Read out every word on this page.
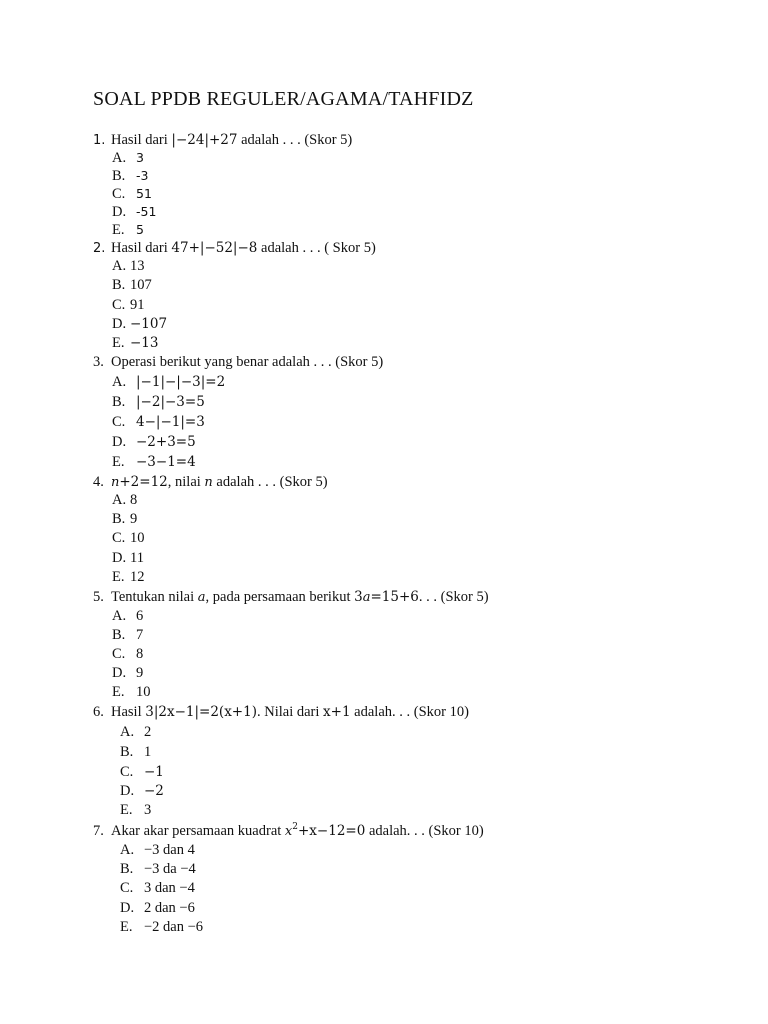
SOAL PPDB REGULER/AGAMA/TAHFIDZ
1. Hasil dari |−24|+27 adalah . . . (Skor 5)
A. 3
B. -3
C. 51
D. -51
E. 5
2. Hasil dari 47+|−52|−8 adalah . . . ( Skor 5)
A. 13
B. 107
C. 91
D. −107
E. −13
3. Operasi berikut yang benar adalah . . . (Skor 5)
A. |−1|−|−3|=2
B. |−2|−3=5
C. 4−|−1|=3
D. −2+3=5
E. −3−1=4
4. n+2=12, nilai n adalah . . . (Skor 5)
A. 8
B. 9
C. 10
D. 11
E. 12
5. Tentukan nilai a, pada persamaan berikut 3a=15+6. . . (Skor 5)
A. 6
B. 7
C. 8
D. 9
E. 10
6. Hasil 3|2x−1|=2(x+1). Nilai dari x+1 adalah. . . (Skor 10)
A. 2
B. 1
C. −1
D. −2
E. 3
7. Akar akar persamaan kuadrat $x^2+x-12=0$ adalah. . . (Skor 10)
A. −3 dan 4
B. −3 da −4
C. 3 dan −4
D. 2 dan −6
E. −2 dan −6
